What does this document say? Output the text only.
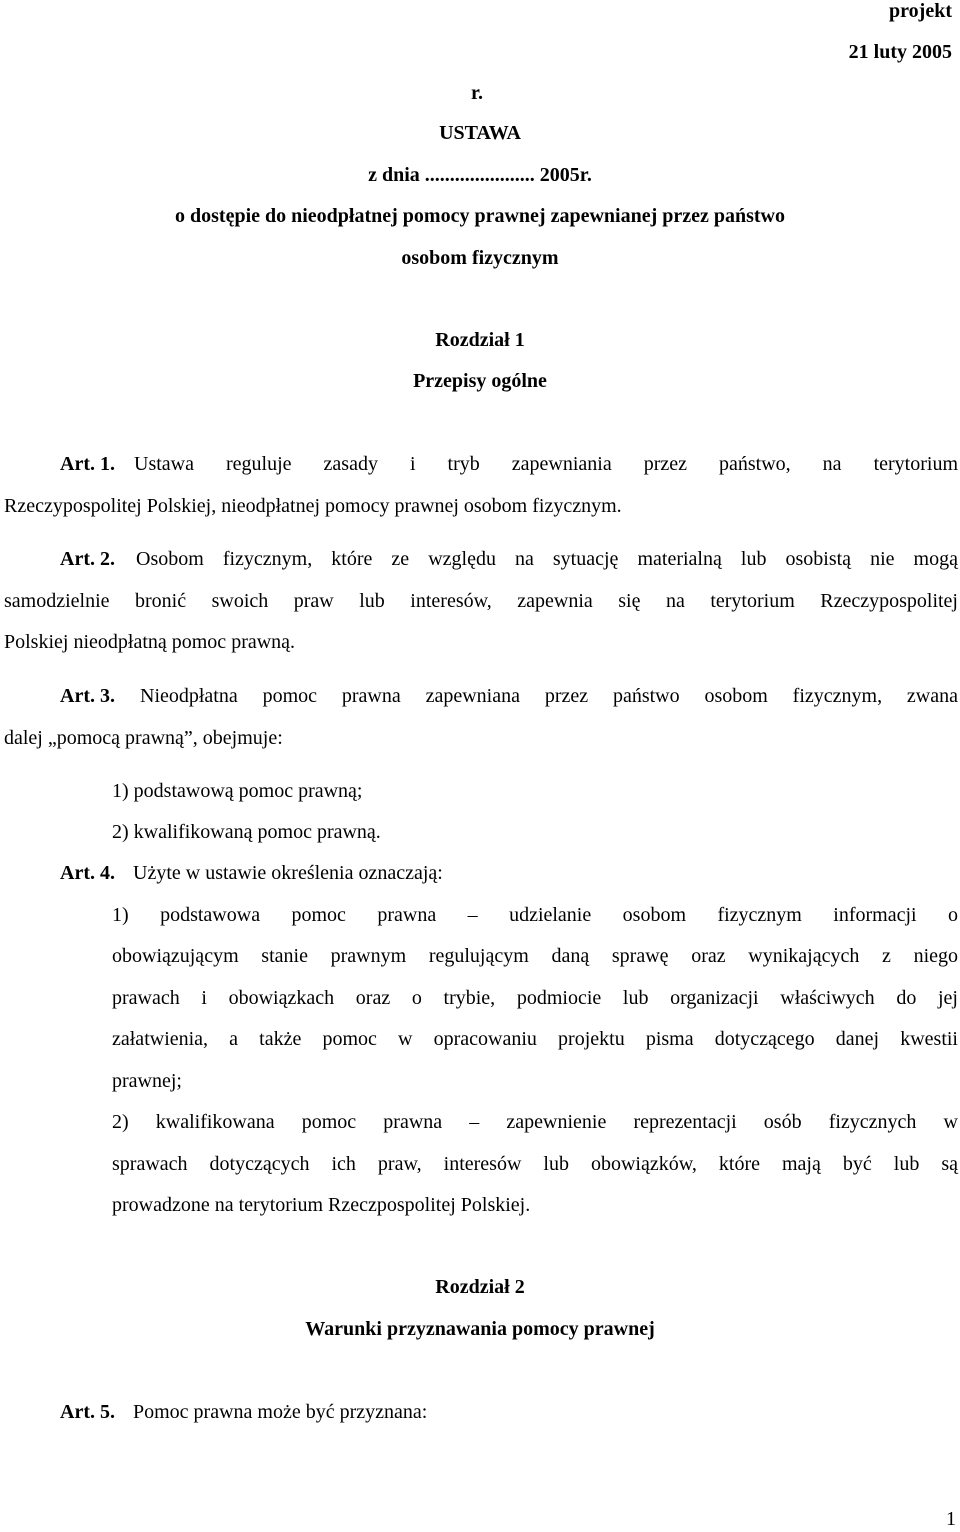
projekt
21 luty 2005
r.
USTAWA
z dnia ...................... 2005r.
o dostępie do nieodpłatnej pomocy prawnej zapewnianej przez państwo
osobom fizycznym
Rozdział 1
Przepisy ogólne
Art. 1. Ustawa reguluje zasady i tryb zapewniania przez państwo, na terytorium
Rzeczypospolitej Polskiej, nieodpłatnej pomocy prawnej osobom fizycznym.
Art. 2. Osobom fizycznym, które ze względu na sytuację materialną lub osobistą nie mogą
samodzielnie bronić swoich praw lub interesów, zapewnia się na terytorium Rzeczypospolitej
Polskiej nieodpłatną pomoc prawną.
Art. 3. Nieodpłatna pomoc prawna zapewniana przez państwo osobom fizycznym, zwana
dalej „pomocą prawną”, obejmuje:
1) podstawową pomoc prawną;
2) kwalifikowaną pomoc prawną.
Art. 4. Użyte w ustawie określenia oznaczają:
1) podstawowa pomoc prawna – udzielanie osobom fizycznym informacji o
obowiązującym stanie prawnym regulującym daną sprawę oraz wynikających z niego
prawach i obowiązkach oraz o trybie, podmiocie lub organizacji właściwych do jej
załatwienia, a także pomoc w opracowaniu projektu pisma dotyczącego danej kwestii
prawnej;
2) kwalifikowana pomoc prawna – zapewnienie reprezentacji osób fizycznych w
sprawach dotyczących ich praw, interesów lub obowiązków, które mają być lub są
prowadzone na terytorium Rzeczpospolitej Polskiej.
Rozdział 2
Warunki przyznawania pomocy prawnej
Art. 5. Pomoc prawna może być przyznana:
1
